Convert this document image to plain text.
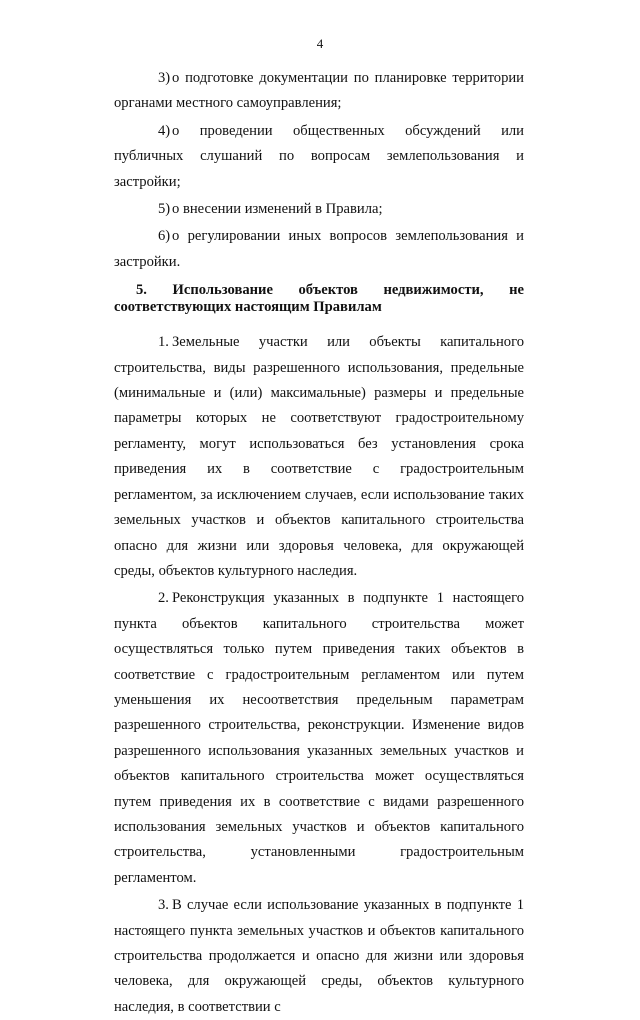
4

3) о подготовке документации по планировке территории органами местного самоуправления;

4) о проведении общественных обсуждений или публичных слушаний по вопросам землепользования и застройки;

5) о внесении изменений в Правила;

6) о регулировании иных вопросов землепользования и застройки.

5. Использование объектов недвижимости, не соответствующих настоящим Правилам

1. Земельные участки или объекты капитального строительства, виды разрешенного использования, предельные (минимальные и (или) максимальные) размеры и предельные параметры которых не соответствуют градостроительному регламенту, могут использоваться без установления срока приведения их в соответствие с градостроительным регламентом, за исключением случаев, если использование таких земельных участков и объектов капитального строительства опасно для жизни или здоровья человека, для окружающей среды, объектов культурного наследия.

2. Реконструкция указанных в подпункте 1 настоящего пункта объектов капитального строительства может осуществляться только путем приведения таких объектов в соответствие с градостроительным регламентом или путем уменьшения их несоответствия предельным параметрам разрешенного строительства, реконструкции. Изменение видов разрешенного использования указанных земельных участков и объектов капитального строительства может осуществляться путем приведения их в соответствие с видами разрешенного использования земельных участков и объектов капитального строительства, установленными градостроительным регламентом.

3. В случае если использование указанных в подпункте 1 настоящего пункта земельных участков и объектов капитального строительства продолжается и опасно для жизни или здоровья человека, для окружающей среды, объектов культурного наследия, в соответствии с
